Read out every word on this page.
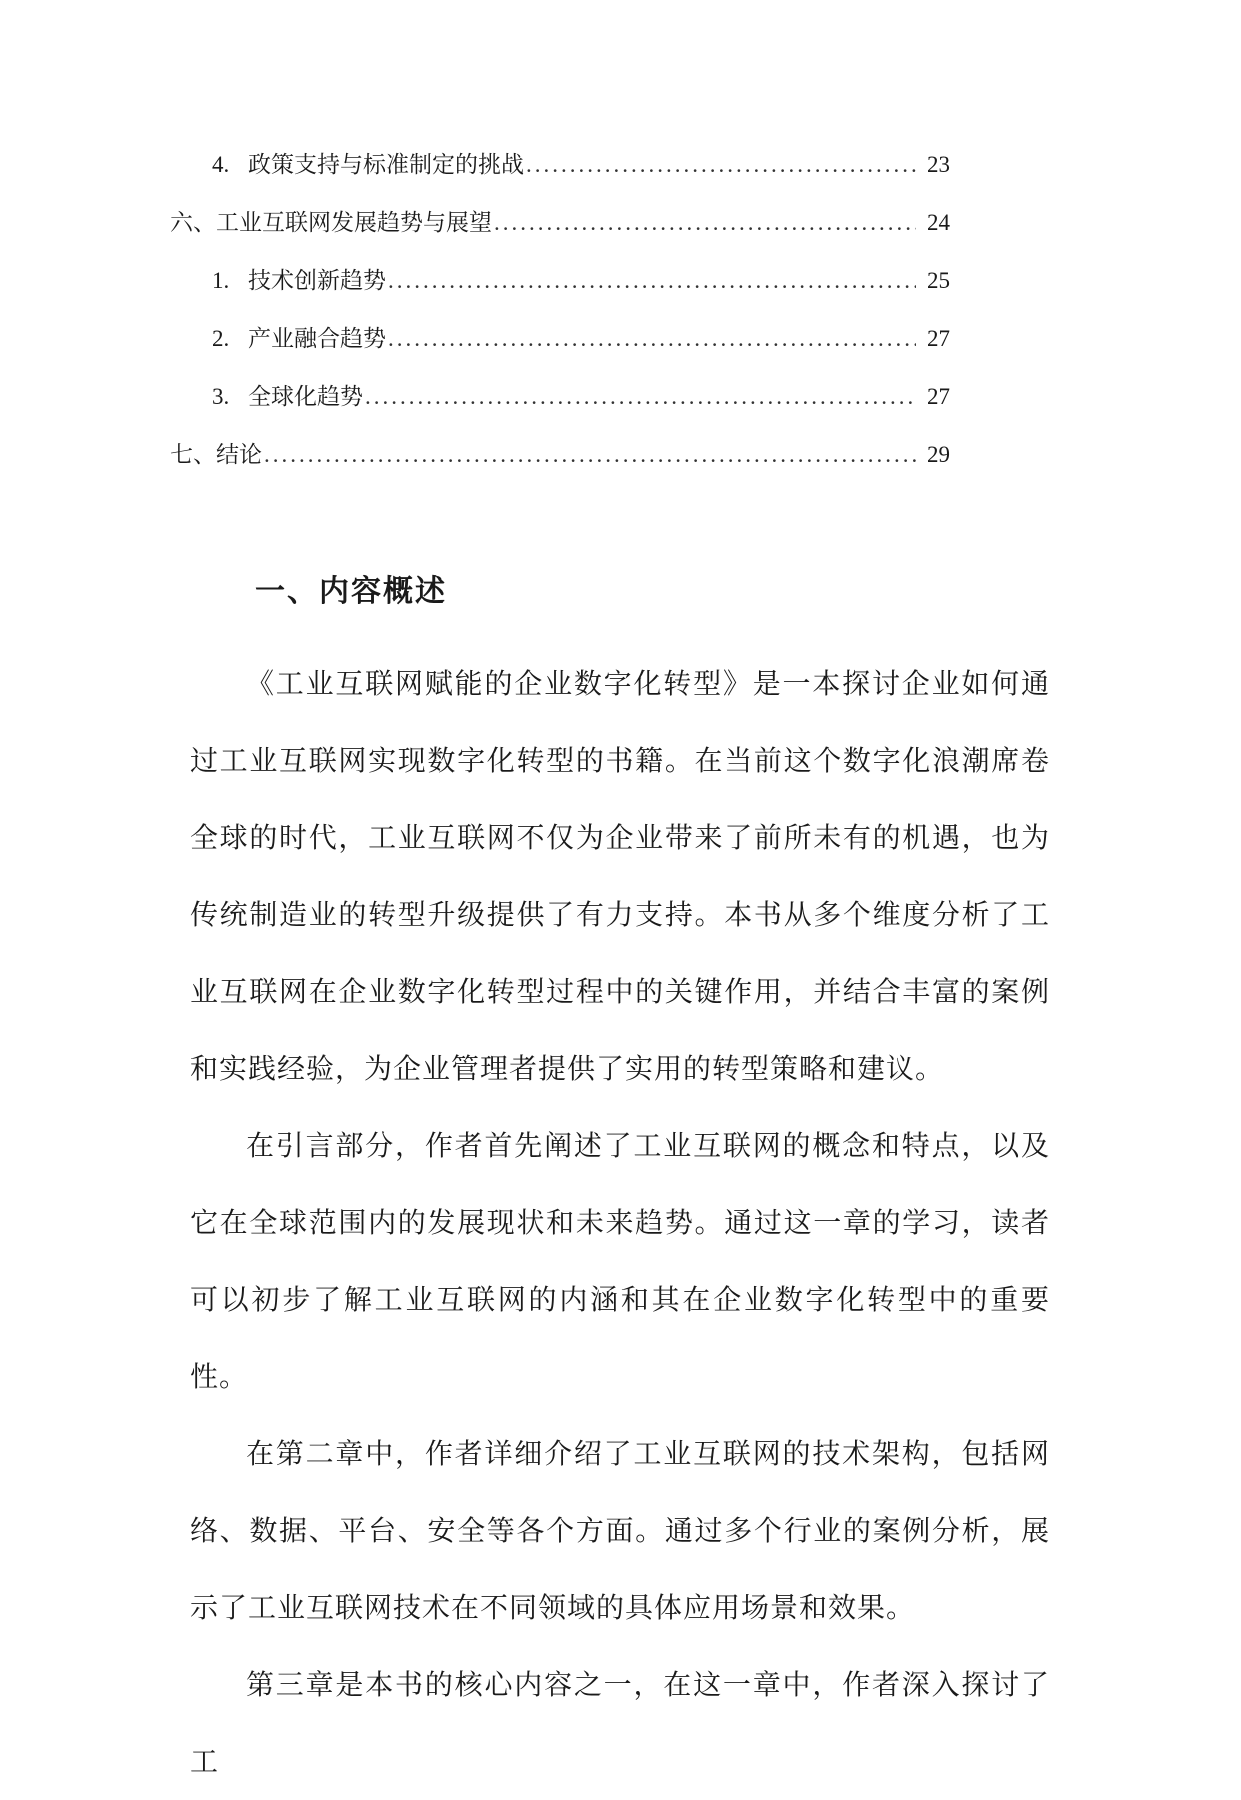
4. 政策支持与标准制定的挑战 .....	23
六、工业互联网发展趋势与展望 .....	24
1. 技术创新趋势 .....	25
2. 产业融合趋势 .....	27
3. 全球化趋势 .....	27
七、结论 .....	29
一、内容概述

《工业互联网赋能的企业数字化转型》是一本探讨企业如何通过工业互联网实现数字化转型的书籍。在当前这个数字化浪潮席卷全球的时代，工业互联网不仅为企业带来了前所未有的机遇，也为传统制造业的转型升级提供了有力支持。本书从多个维度分析了工业互联网在企业数字化转型过程中的关键作用，并结合丰富的案例和实践经验，为企业管理者提供了实用的转型策略和建议。

在引言部分，作者首先阐述了工业互联网的概念和特点，以及它在全球范围内的发展现状和未来趋势。通过这一章的学习，读者可以初步了解工业互联网的内涵和其在企业数字化转型中的重要性。

在第二章中，作者详细介绍了工业互联网的技术架构，包括网络、数据、平台、安全等各个方面。通过多个行业的案例分析，展示了工业互联网技术在不同领域的具体应用场景和效果。

第三章是本书的核心内容之一，在这一章中，作者深入探讨了工
